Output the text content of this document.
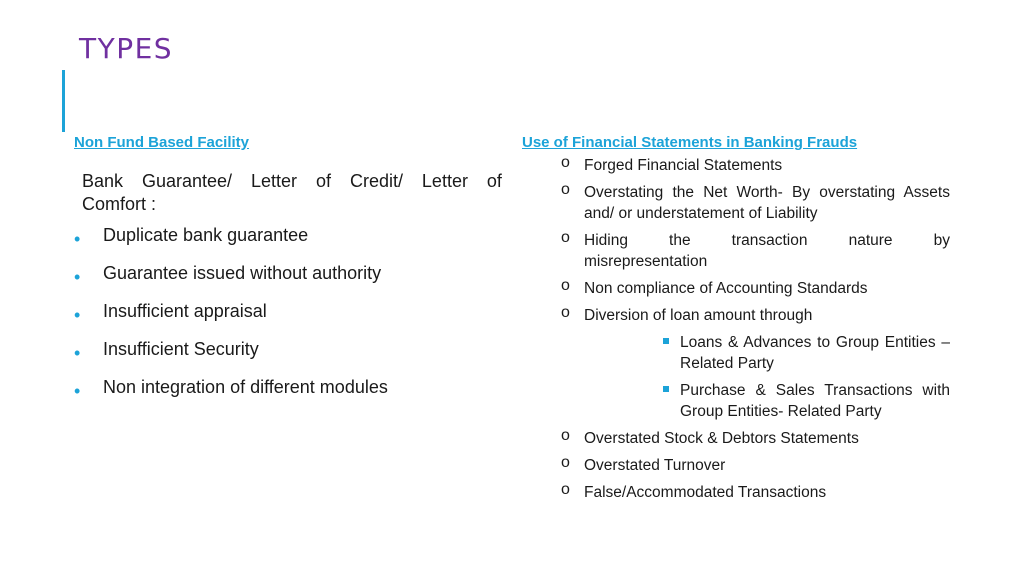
TYPES
Non Fund Based Facility
Bank Guarantee/ Letter of Credit/ Letter of
Comfort :
• Duplicate bank guarantee
• Guarantee issued without authority
• Insufficient appraisal
• Insufficient Security
• Non integration of different modules
Use of Financial Statements in Banking Frauds
o Forged Financial Statements
o Overstating the Net Worth- By overstating Assets and/ or understatement of Liability
o Hiding	the	transaction	nature	by
misrepresentation
o Non compliance of Accounting Standards
o Diversion of loan amount through
Loans & Advances to Group Entities – Related Party
Purchase & Sales Transactions with Group Entities- Related Party
o Overstated Stock & Debtors Statements
o Overstated Turnover
o False/Accommodated Transactions
